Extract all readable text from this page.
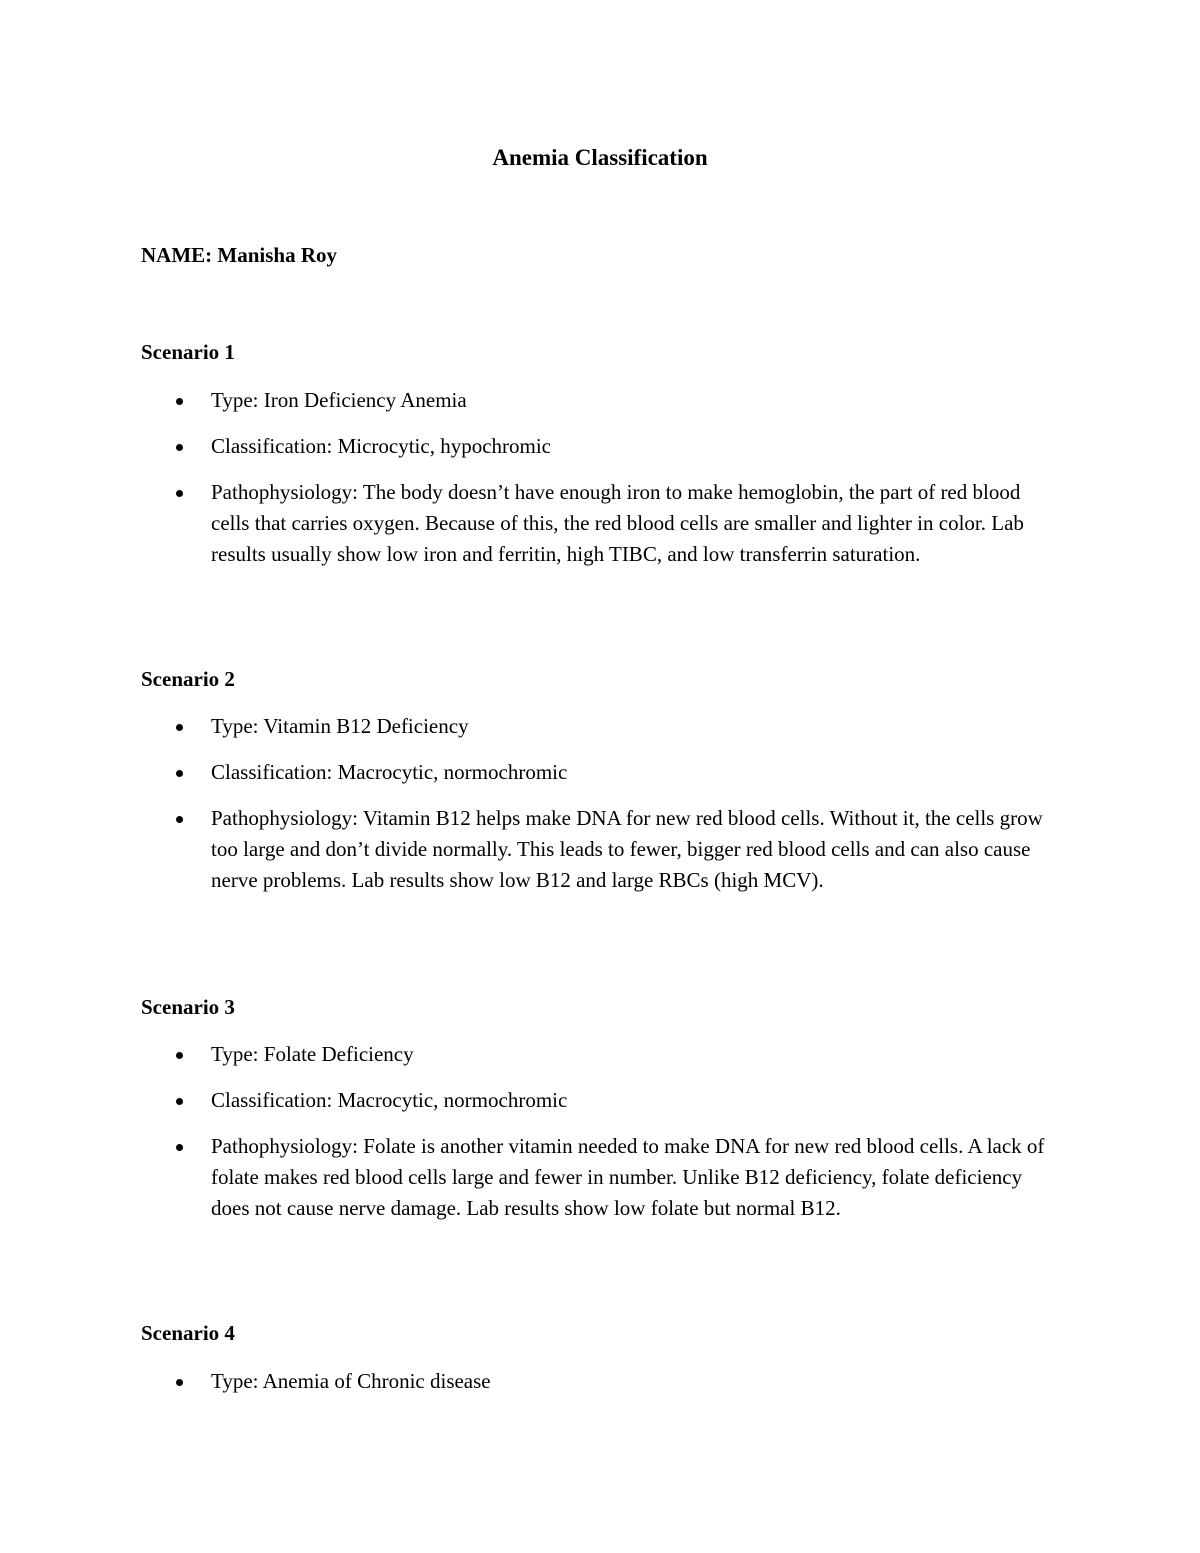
Anemia Classification
NAME: Manisha Roy
Scenario 1
Type: Iron Deficiency Anemia
Classification: Microcytic, hypochromic
Pathophysiology: The body doesn’t have enough iron to make hemoglobin, the part of red blood cells that carries oxygen. Because of this, the red blood cells are smaller and lighter in color. Lab results usually show low iron and ferritin, high TIBC, and low transferrin saturation.
Scenario 2
Type: Vitamin B12 Deficiency
Classification: Macrocytic, normochromic
Pathophysiology: Vitamin B12 helps make DNA for new red blood cells. Without it, the cells grow too large and don’t divide normally. This leads to fewer, bigger red blood cells and can also cause nerve problems. Lab results show low B12 and large RBCs (high MCV).
Scenario 3
Type: Folate Deficiency
Classification: Macrocytic, normochromic
Pathophysiology: Folate is another vitamin needed to make DNA for new red blood cells. A lack of folate makes red blood cells large and fewer in number. Unlike B12 deficiency, folate deficiency does not cause nerve damage. Lab results show low folate but normal B12.
Scenario 4
Type: Anemia of Chronic disease
